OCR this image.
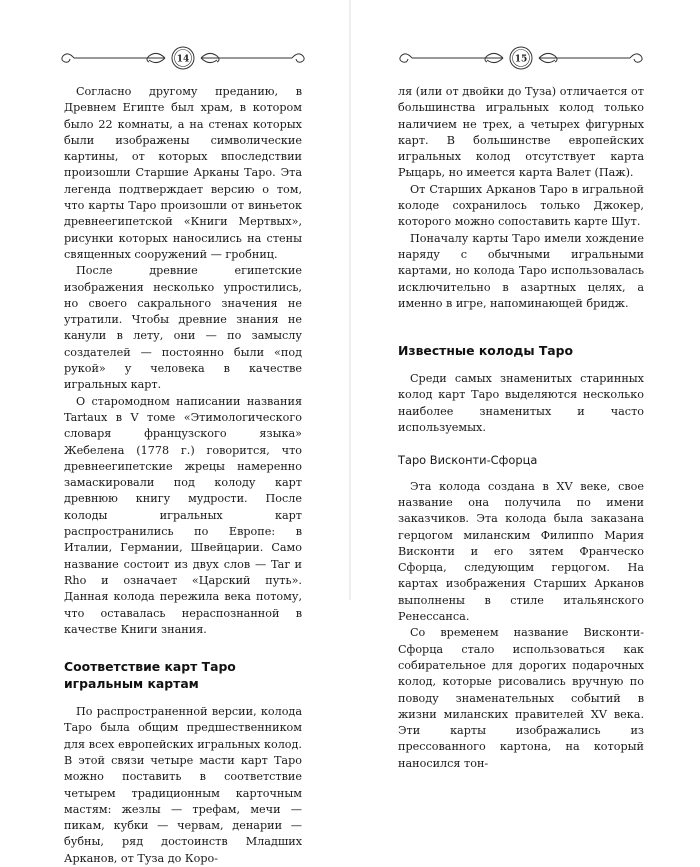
14

Согласно другому преданию, в Древнем Египте был храм, в котором было 22 комнаты, а на стенах которых были изображены символические картины, от которых впоследствии произошли Старшие Арканы Таро. Эта легенда подтверждает версию о том, что карты Таро произошли от виньеток древнеегипетской «Книги Мертвых», рисунки которых наносились на стены священных сооружений — гробниц.

После древние египетские изображения несколько упростились, но своего сакрального значения не утратили. Чтобы древние знания не канули в лету, они — по замыслу создателей — постоянно были «под рукой» у человека в качестве игральных карт.

О старомодном написании названия Tartaux в V томе «Этимологического словаря французского языка» Жебелена (1778 г.) говорится, что древнеегипетские жрецы намеренно замаскировали под колоду карт древнюю книгу мудрости. После колоды игральных карт распространились по Европе: в Италии, Германии, Швейцарии. Само название состоит из двух слов — Tar и Rho и означает «Царский путь». Данная колода пережила века потому, что оставалась нераспознанной в качестве Книги знания.

Соответствие карт Таро игральным картам

По распространенной версии, колода Таро была общим предшественником для всех европейских игральных колод. В этой связи четыре масти карт Таро можно поставить в соответствие четырем традиционным карточным мастям: жезлы — трефам, мечи — пикам, кубки — червам, денарии — бубны, ряд достоинств Младших Арканов, от Туза до Коро-

15

ля (или от двойки до Туза) отличается от большинства игральных колод только наличием не трех, а четырех фигурных карт. В большинстве европейских игральных колод отсутствует карта Рыцарь, но имеется карта Валет (Паж).

От Старших Арканов Таро в игральной колоде сохранилось только Джокер, которого можно сопоставить карте Шут.

Поначалу карты Таро имели хождение наряду с обычными игральными картами, но колода Таро использовалась исключительно в азартных целях, а именно в игре, напоминающей бридж.

Известные колоды Таро

Среди самых знаменитых старинных колод карт Таро выделяются несколько наиболее знаменитых и часто используемых.

Таро Висконти-Сфорца

Эта колода создана в XV веке, свое название она получила по имени заказчиков. Эта колода была заказана герцогом миланским Филиппо Мария Висконти и его зятем Франческо Сфорца, следующим герцогом. На картах изображения Старших Арканов выполнены в стиле итальянского Ренессанса.

Со временем название Висконти-Сфорца стало использоваться как собирательное для дорогих подарочных колод, которые рисовались вручную по поводу знаменательных событий в жизни миланских правителей XV века. Эти карты изображались из прессованного картона, на который наносился тон-
